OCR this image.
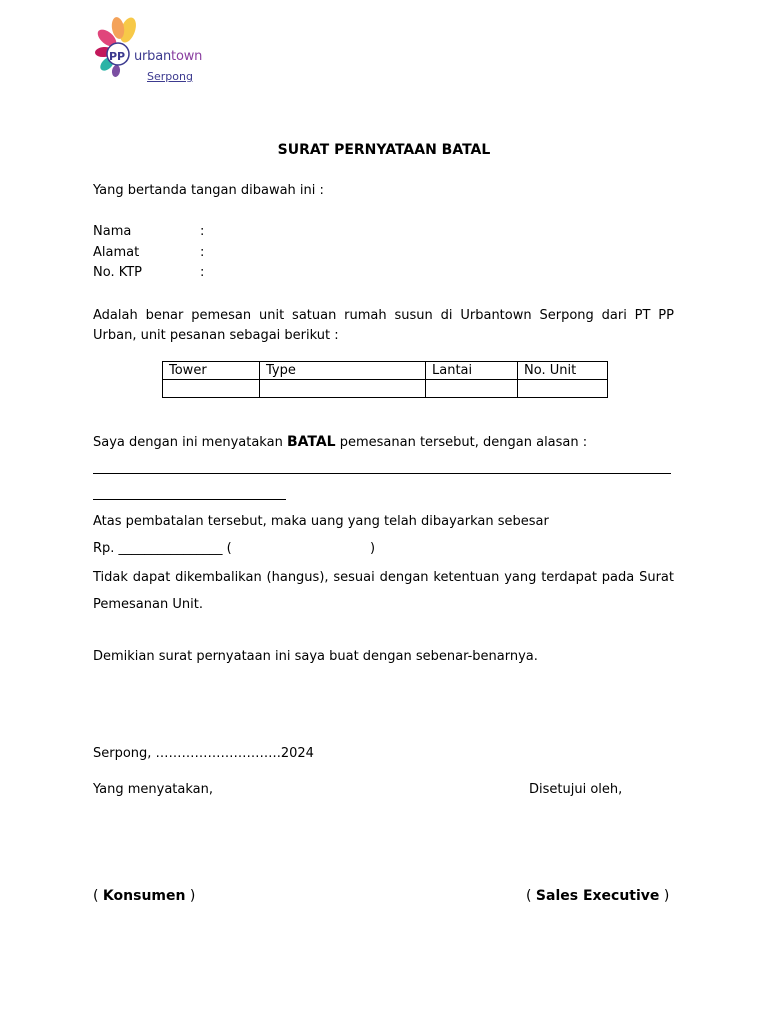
PP urbantown
Serpong
SURAT PERNYATAAN BATAL
Yang bertanda tangan dibawah ini :
Nama	:
Alamat	:
No. KTP	:
Adalah benar pemesan unit satuan rumah susun di Urbantown Serpong dari PT PP Urban, unit pesanan sebagai berikut :
Tower	Type	Lantai	No. Unit

Saya dengan ini menyatakan BATAL pemesanan tersebut, dengan alasan :
Atas pembatalan tersebut, maka uang yang telah dibayarkan sebesar
Rp. ________________ (	)
Tidak dapat dikembalikan (hangus), sesuai dengan ketentuan yang terdapat pada Surat Pemesanan Unit.
Demikian surat pernyataan ini saya buat dengan sebenar-benarnya.
Serpong, ………………………..2024
Yang menyatakan,	Disetujui oleh,
( Konsumen )	( Sales Executive )
